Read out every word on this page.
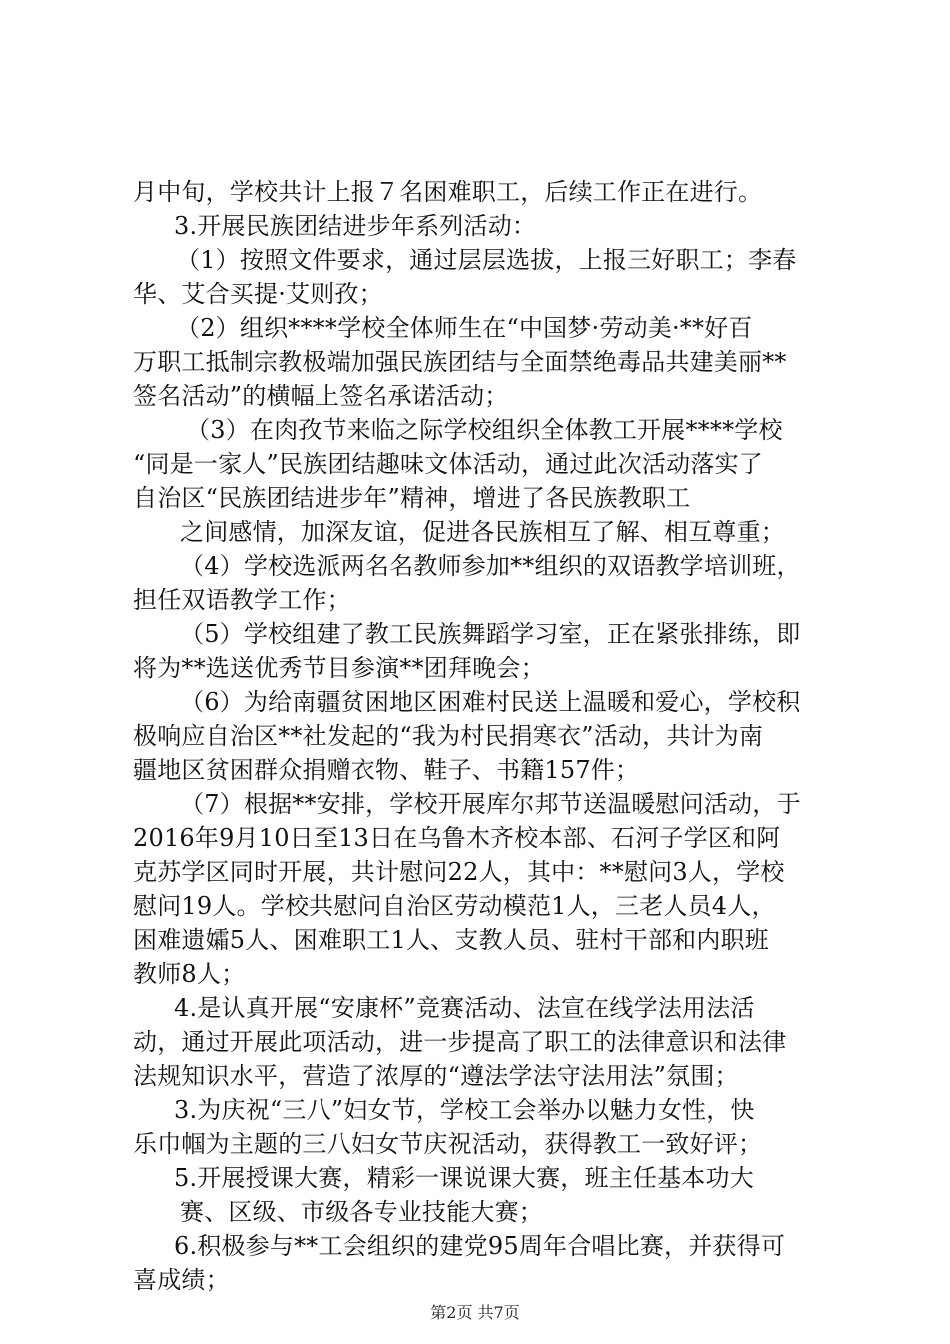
月中旬，学校共计上报７名困难职工，后续工作正在进行。
3.开展民族团结进步年系列活动：
（1）按照文件要求，通过层层选拔，上报三好职工；李春
华、艾合买提·艾则孜；
（2）组织****学校全体师生在“中国梦·劳动美·**好百
万职工抵制宗教极端加强民族团结与全面禁绝毒品共建美丽**
签名活动”的横幅上签名承诺活动；
（3）在肉孜节来临之际学校组织全体教工开展****学校
“同是一家人”民族团结趣味文体活动，通过此次活动落实了
自治区“民族团结进步年”精神，增进了各民族教职工
之间感情，加深友谊，促进各民族相互了解、相互尊重；
（4）学校选派两名名教师参加**组织的双语教学培训班，
担任双语教学工作；
（5）学校组建了教工民族舞蹈学习室，正在紧张排练，即
将为**选送优秀节目参演**团拜晚会；
（6）为给南疆贫困地区困难村民送上温暖和爱心，学校积
极响应自治区**社发起的“我为村民捐寒衣”活动，共计为南
疆地区贫困群众捐赠衣物、鞋子、书籍157件；
（7）根据**安排，学校开展库尔邦节送温暖慰问活动，于
2016年9月10日至13日在乌鲁木齐校本部、石河子学区和阿
克苏学区同时开展，共计慰问22人，其中：**慰问3人，学校
慰问19人。学校共慰问自治区劳动模范1人，三老人员4人，
困难遗孀5人、困难职工1人、支教人员、驻村干部和内职班
教师8人；
4.是认真开展“安康杯”竞赛活动、法宣在线学法用法活
动，通过开展此项活动，进一步提高了职工的法律意识和法律
法规知识水平，营造了浓厚的“遵法学法守法用法”氛围；
3.为庆祝“三八”妇女节，学校工会举办以魅力女性，快
乐巾帼为主题的三八妇女节庆祝活动，获得教工一致好评；
5.开展授课大赛，精彩一课说课大赛，班主任基本功大
赛、区级、市级各专业技能大赛；
6.积极参与**工会组织的建党95周年合唱比赛，并获得可
喜成绩；
第2页 共7页
